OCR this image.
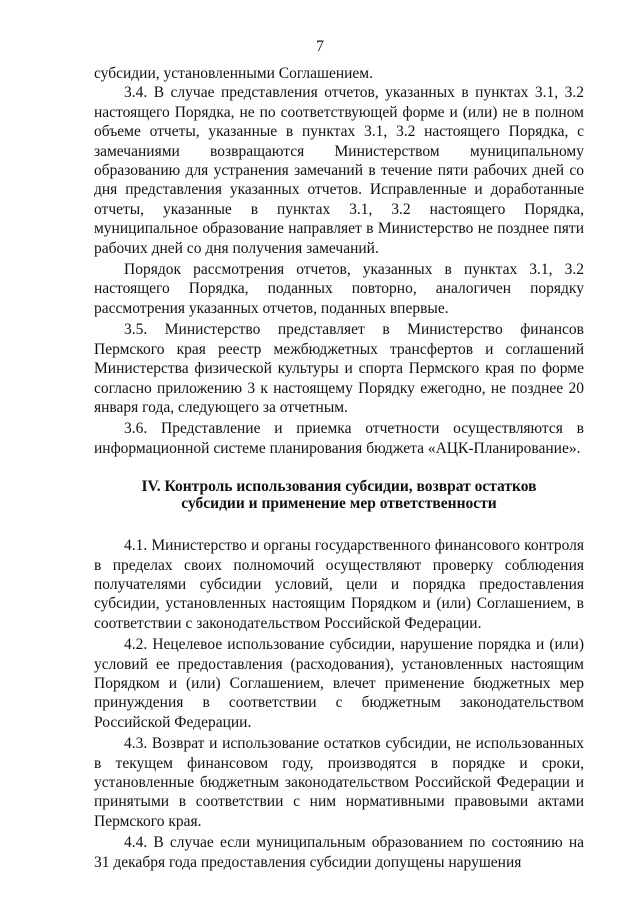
7

субсидии, установленными Соглашением.

3.4. В случае представления отчетов, указанных в пунктах 3.1, 3.2 настоящего Порядка, не по соответствующей форме и (или) не в полном объеме отчеты, указанные в пунктах 3.1, 3.2 настоящего Порядка, с замечаниями возвращаются Министерством муниципальному образованию для устранения замечаний в течение пяти рабочих дней со дня представления указанных отчетов. Исправленные и доработанные отчеты, указанные в пунктах 3.1, 3.2 настоящего Порядка, муниципальное образование направляет в Министерство не позднее пяти рабочих дней со дня получения замечаний.

Порядок рассмотрения отчетов, указанных в пунктах 3.1, 3.2 настоящего Порядка, поданных повторно, аналогичен порядку рассмотрения указанных отчетов, поданных впервые.

3.5. Министерство представляет в Министерство финансов Пермского края реестр межбюджетных трансфертов и соглашений Министерства физической культуры и спорта Пермского края по форме согласно приложению 3 к настоящему Порядку ежегодно, не позднее 20 января года, следующего за отчетным.

3.6. Представление и приемка отчетности осуществляются в информационной системе планирования бюджета «АЦК-Планирование».

IV. Контроль использования субсидии, возврат остатков
субсидии и применение мер ответственности

4.1. Министерство и органы государственного финансового контроля в пределах своих полномочий осуществляют проверку соблюдения получателями субсидии условий, цели и порядка предоставления субсидии, установленных настоящим Порядком и (или) Соглашением, в соответствии с законодательством Российской Федерации.

4.2. Нецелевое использование субсидии, нарушение порядка и (или) условий ее предоставления (расходования), установленных настоящим Порядком и (или) Соглашением, влечет применение бюджетных мер принуждения в соответствии с бюджетным законодательством Российской Федерации.

4.3. Возврат и использование остатков субсидии, не использованных в текущем финансовом году, производятся в порядке и сроки, установленные бюджетным законодательством Российской Федерации и принятыми в соответствии с ним нормативными правовыми актами Пермского края.

4.4. В случае если муниципальным образованием по состоянию на 31 декабря года предоставления субсидии допущены нарушения
